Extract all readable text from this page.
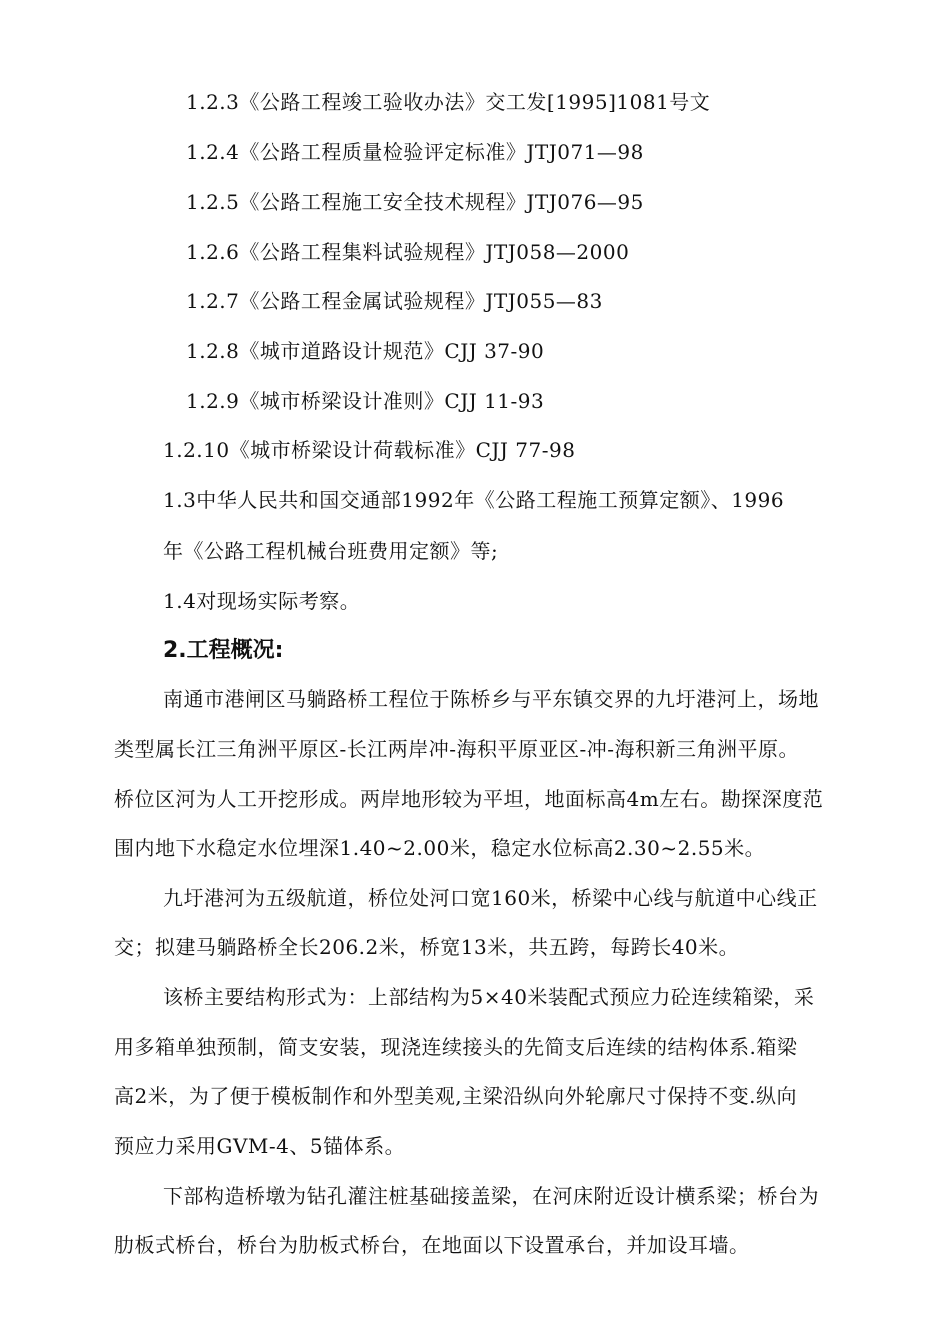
1.2.3《公路工程竣工验收办法》交工发[1995]1081号文
1.2.4《公路工程质量检验评定标准》JTJ071—98
1.2.5《公路工程施工安全技术规程》JTJ076—95
1.2.6《公路工程集料试验规程》JTJ058—2000
1.2.7《公路工程金属试验规程》JTJ055—83
1.2.8《城市道路设计规范》CJJ 37-90
1.2.9《城市桥梁设计准则》CJJ 11-93
1.2.10《城市桥梁设计荷载标准》CJJ 77-98
1.3中华人民共和国交通部1992年《公路工程施工预算定额》、1996
年《公路工程机械台班费用定额》等;
1.4对现场实际考察。
2.工程概况:
南通市港闸区马躺路桥工程位于陈桥乡与平东镇交界的九圩港河上，场地
类型属长江三角洲平原区-长江两岸冲-海积平原亚区-冲-海积新三角洲平原。
桥位区河为人工开挖形成。两岸地形较为平坦，地面标高4m左右。勘探深度范
围内地下水稳定水位埋深1.40~2.00米，稳定水位标高2.30~2.55米。
九圩港河为五级航道，桥位处河口宽160米，桥梁中心线与航道中心线正
交；拟建马躺路桥全长206.2米，桥宽13米，共五跨，每跨长40米。
该桥主要结构形式为：上部结构为5×40米装配式预应力砼连续箱梁，采
用多箱单独预制，简支安装，现浇连续接头的先简支后连续的结构体系.箱梁
高2米，为了便于模板制作和外型美观,主梁沿纵向外轮廓尺寸保持不变.纵向
预应力采用GVM-4、5锚体系。
下部构造桥墩为钻孔灌注桩基础接盖梁，在河床附近设计横系梁；桥台为
肋板式桥台，桥台为肋板式桥台，在地面以下设置承台，并加设耳墙。
